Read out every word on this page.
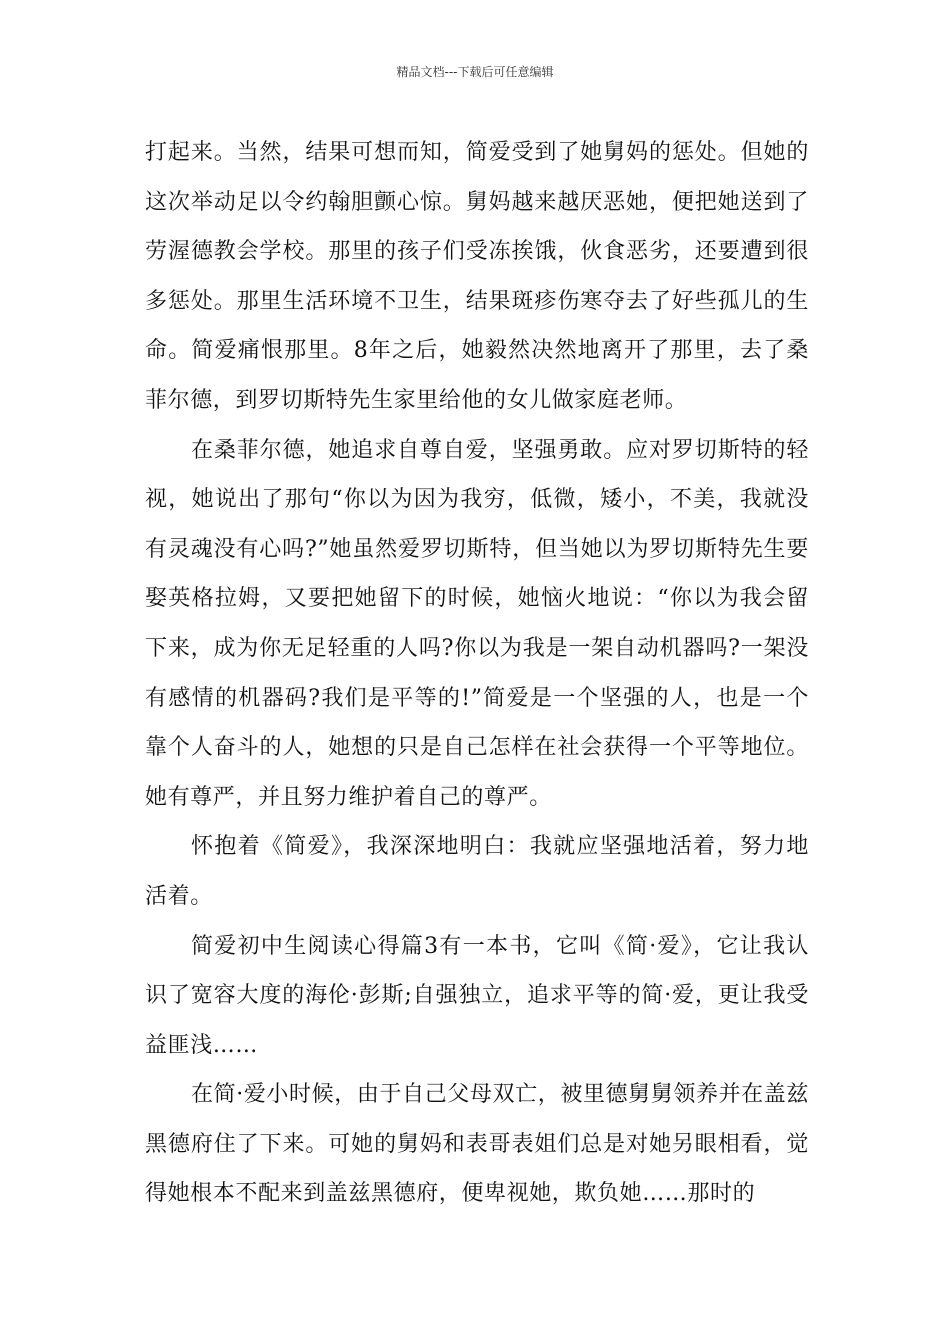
精品文档---下载后可任意编辑

打起来。当然，结果可想而知，简爱受到了她舅妈的惩处。但她的这次举动足以令约翰胆颤心惊。舅妈越来越厌恶她，便把她送到了劳渥德教会学校。那里的孩子们受冻挨饿，伙食恶劣，还要遭到很多惩处。那里生活环境不卫生，结果斑疹伤寒夺去了好些孤儿的生命。简爱痛恨那里。8年之后，她毅然决然地离开了那里，去了桑菲尔德，到罗切斯特先生家里给他的女儿做家庭老师。

在桑菲尔德，她追求自尊自爱，坚强勇敢。应对罗切斯特的轻视，她说出了那句“你以为因为我穷，低微，矮小，不美，我就没有灵魂没有心吗?”她虽然爱罗切斯特，但当她以为罗切斯特先生要娶英格拉姆，又要把她留下的时候，她恼火地说：“你以为我会留下来，成为你无足轻重的人吗?你以为我是一架自动机器吗?一架没有感情的机器码?我们是平等的!”简爱是一个坚强的人，也是一个靠个人奋斗的人，她想的只是自己怎样在社会获得一个平等地位。她有尊严，并且努力维护着自己的尊严。

怀抱着《简爱》，我深深地明白：我就应坚强地活着，努力地活着。

简爱初中生阅读心得篇3有一本书，它叫《简·爱》，它让我认识了宽容大度的海伦·彭斯;自强独立，追求平等的简·爱，更让我受益匪浅……

在简·爱小时候，由于自己父母双亡，被里德舅舅领养并在盖兹黑德府住了下来。可她的舅妈和表哥表姐们总是对她另眼相看，觉得她根本不配来到盖兹黑德府，便卑视她，欺负她……那时的
